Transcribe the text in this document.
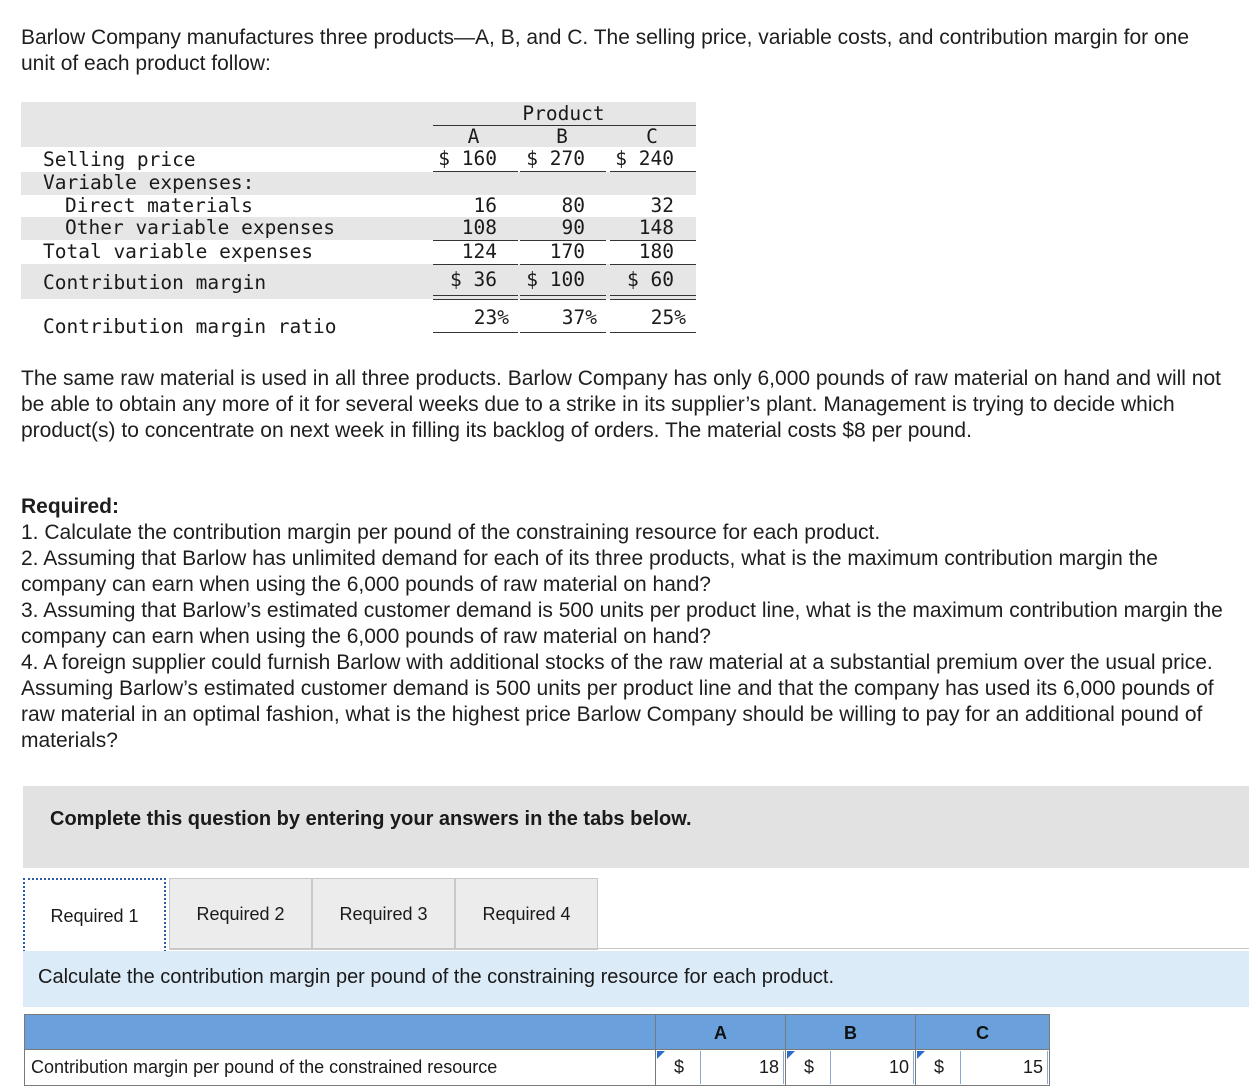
Barlow Company manufactures three products—A, B, and C. The selling price, variable costs, and contribution margin for one unit of each product follow:
Product
A	B	C
Selling price	$ 160	$ 270	$ 240
Variable expenses:
Direct materials	16	80	32
Other variable expenses	108	90	148
Total variable expenses	124	170	180
Contribution margin	$ 36	$ 100	$ 60
Contribution margin ratio	23%	37%	25%
The same raw material is used in all three products. Barlow Company has only 6,000 pounds of raw material on hand and will not be able to obtain any more of it for several weeks due to a strike in its supplier’s plant. Management is trying to decide which product(s) to concentrate on next week in filling its backlog of orders. The material costs $8 per pound.
Required:
1. Calculate the contribution margin per pound of the constraining resource for each product.
2. Assuming that Barlow has unlimited demand for each of its three products, what is the maximum contribution margin the company can earn when using the 6,000 pounds of raw material on hand?
3. Assuming that Barlow’s estimated customer demand is 500 units per product line, what is the maximum contribution margin the company can earn when using the 6,000 pounds of raw material on hand?
4. A foreign supplier could furnish Barlow with additional stocks of the raw material at a substantial premium over the usual price. Assuming Barlow’s estimated customer demand is 500 units per product line and that the company has used its 6,000 pounds of raw material in an optimal fashion, what is the highest price Barlow Company should be willing to pay for an additional pound of materials?
Complete this question by entering your answers in the tabs below.
Required 1	Required 2	Required 3	Required 4
Calculate the contribution margin per pound of the constraining resource for each product.
A	B	C
Contribution margin per pound of the constrained resource	$	18 $	10 $	15
